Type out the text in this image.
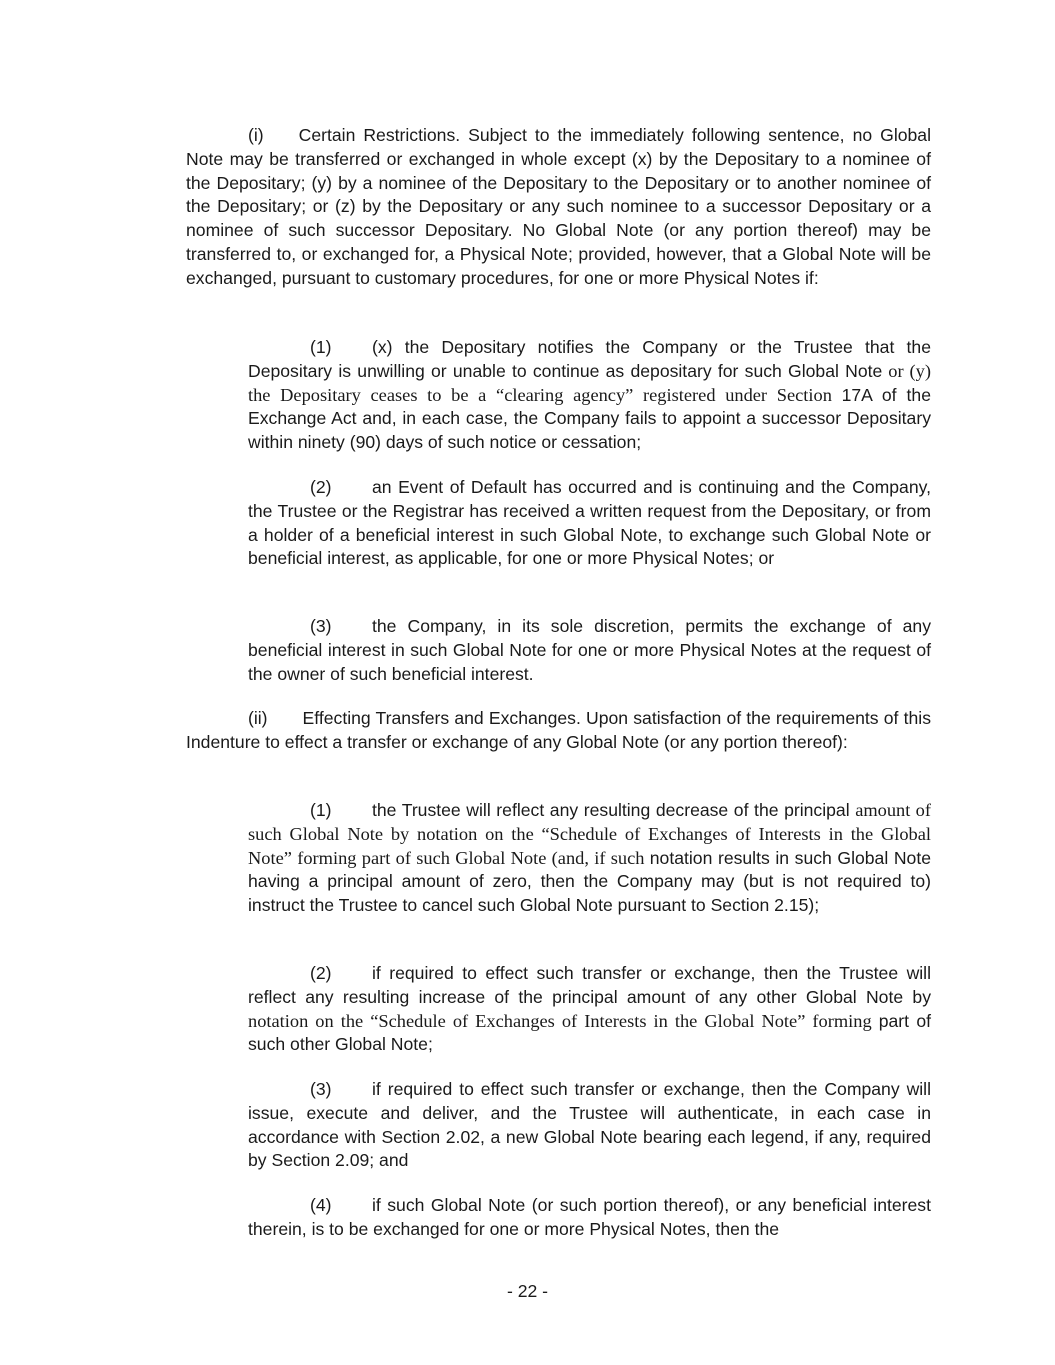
(i) Certain Restrictions. Subject to the immediately following sentence, no Global Note may be transferred or exchanged in whole except (x) by the Depositary to a nominee of the Depositary; (y) by a nominee of the Depositary to the Depositary or to another nominee of the Depositary; or (z) by the Depositary or any such nominee to a successor Depositary or a nominee of such successor Depositary. No Global Note (or any portion thereof) may be transferred to, or exchanged for, a Physical Note; provided, however, that a Global Note will be exchanged, pursuant to customary procedures, for one or more Physical Notes if:

(1) (x) the Depositary notifies the Company or the Trustee that the Depositary is unwilling or unable to continue as depositary for such Global Note or (y) the Depositary ceases to be a “clearing agency” registered under Section 17A of the Exchange Act and, in each case, the Company fails to appoint a successor Depositary within ninety (90) days of such notice or cessation;

(2) an Event of Default has occurred and is continuing and the Company, the Trustee or the Registrar has received a written request from the Depositary, or from a holder of a beneficial interest in such Global Note, to exchange such Global Note or beneficial interest, as applicable, for one or more Physical Notes; or

(3) the Company, in its sole discretion, permits the exchange of any beneficial interest in such Global Note for one or more Physical Notes at the request of the owner of such beneficial interest.

(ii) Effecting Transfers and Exchanges. Upon satisfaction of the requirements of this Indenture to effect a transfer or exchange of any Global Note (or any portion thereof):

(1) the Trustee will reflect any resulting decrease of the principal amount of such Global Note by notation on the “Schedule of Exchanges of Interests in the Global Note” forming part of such Global Note (and, if such notation results in such Global Note having a principal amount of zero, then the Company may (but is not required to) instruct the Trustee to cancel such Global Note pursuant to Section 2.15);

(2) if required to effect such transfer or exchange, then the Trustee will reflect any resulting increase of the principal amount of any other Global Note by notation on the “Schedule of Exchanges of Interests in the Global Note” forming part of such other Global Note;

(3) if required to effect such transfer or exchange, then the Company will issue, execute and deliver, and the Trustee will authenticate, in each case in accordance with Section 2.02, a new Global Note bearing each legend, if any, required by Section 2.09; and

(4) if such Global Note (or such portion thereof), or any beneficial interest therein, is to be exchanged for one or more Physical Notes, then the

- 22 -
